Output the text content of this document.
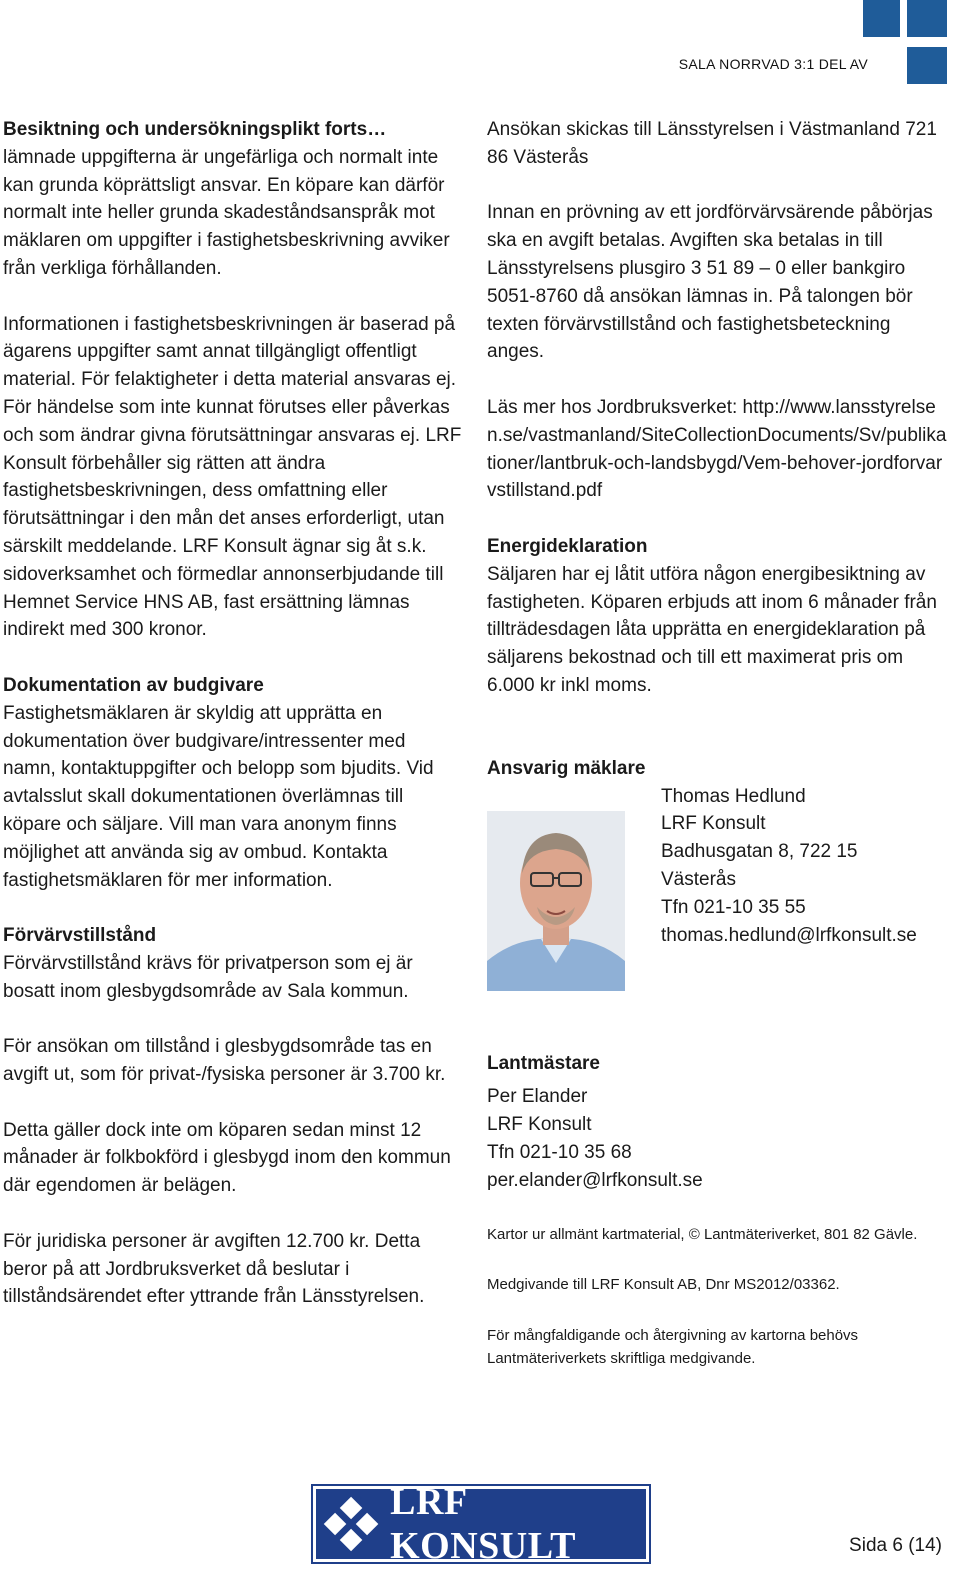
SALA NORRVAD 3:1 DEL AV
Besiktning och undersökningsplikt forts…

lämnade uppgifterna är ungefärliga och normalt inte kan grunda köprättsligt ansvar. En köpare kan därför normalt inte heller grunda skadeståndsanspråk mot mäklaren om uppgifter i fastighetsbeskrivning avviker från verkliga förhållanden.

Informationen i fastighetsbeskrivningen är baserad på ägarens uppgifter samt annat tillgängligt offentligt material. För felaktigheter i detta material ansvaras ej. För händelse som inte kunnat förutses eller påverkas och som ändrar givna förutsättningar ansvaras ej. LRF Konsult förbehåller sig rätten att ändra fastighetsbeskrivningen, dess omfattning eller förutsättningar i den mån det anses erforderligt, utan särskilt meddelande. LRF Konsult ägnar sig åt s.k. sidoverksamhet och förmedlar annonserbjudande till Hemnet Service HNS AB, fast ersättning lämnas indirekt med 300 kronor.

Dokumentation av budgivare

Fastighetsmäklaren är skyldig att upprätta en dokumentation över budgivare/intressenter med namn, kontaktuppgifter och belopp som bjudits. Vid avtalsslut skall dokumentationen överlämnas till köpare och säljare. Vill man vara anonym finns möjlighet att använda sig av ombud. Kontakta fastighetsmäklaren för mer information.

Förvärvstillstånd

Förvärvstillstånd krävs för privatperson som ej är bosatt inom glesbygdsområde av Sala kommun.

För ansökan om tillstånd i glesbygdsområde tas en avgift ut, som för privat-/fysiska personer är 3.700 kr.

Detta gäller dock inte om köparen sedan minst 12 månader är folkbokförd i glesbygd inom den kommun där egendomen är belägen.

För juridiska personer är avgiften 12.700 kr. Detta beror på att Jordbruksverket då beslutar i tillståndsärendet efter yttrande från Länsstyrelsen.

Ansökan skickas till Länsstyrelsen i Västmanland 721 86 Västerås

Innan en prövning av ett jordförvärvsärende påbörjas ska en avgift betalas. Avgiften ska betalas in till Länsstyrelsens plusgiro 3 51 89 – 0 eller bankgiro 5051-8760 då ansökan lämnas in. På talongen bör texten förvärvstillstånd och fastighetsbeteckning anges.

Läs mer hos Jordbruksverket: http://www.lansstyrelsen.se/vastmanland/SiteCollectionDocuments/Sv/publikationer/lantbruk-och-landsbygd/Vem-behover-jordforvarvstillstand.pdf

Energideklaration

Säljaren har ej låtit utföra någon energibesiktning av fastigheten. Köparen erbjuds att inom 6 månader från tillträdesdagen låta upprätta en energideklaration på säljarens bekostnad och till ett maximerat pris om 6.000 kr inkl moms.

Ansvarig mäklare
Thomas Hedlund
LRF Konsult
Badhusgatan 8, 722 15
Västerås
Tfn 021-10 35 55
thomas.hedlund@lrfkonsult.se
Lantmästare
Per Elander
LRF Konsult
Tfn 021-10 35 68
per.elander@lrfkonsult.se

Kartor ur allmänt kartmaterial, © Lantmäteriverket, 801 82 Gävle.

Medgivande till LRF Konsult AB, Dnr MS2012/03362.

För mångfaldigande och återgivning av kartorna behövs Lantmäteriverkets skriftliga medgivande.

LRF KONSULT	Sida 6 (14)
